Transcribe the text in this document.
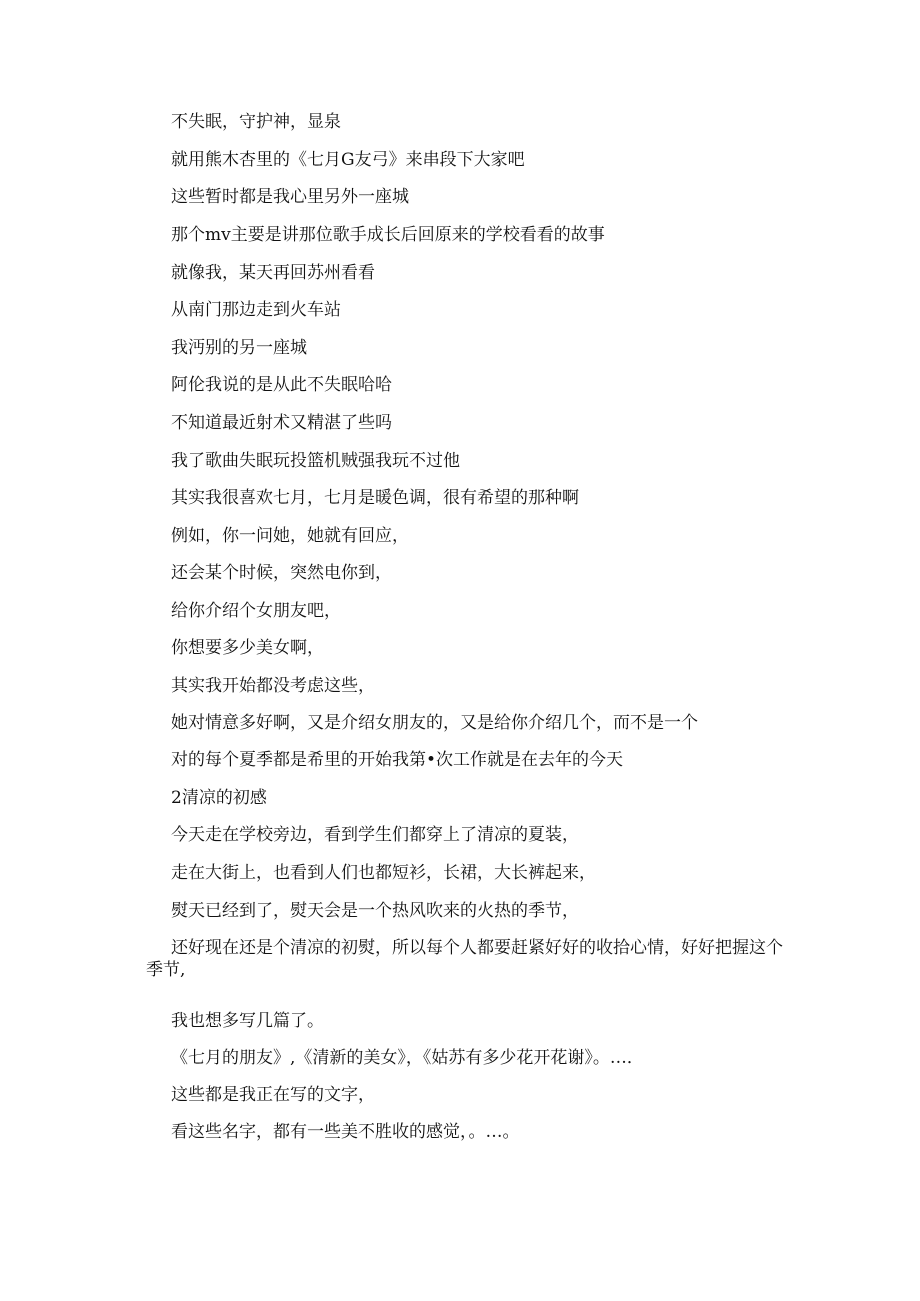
不失眠，守护神，显泉
就用熊木杏里的《七月G友弓》来串段下大家吧
这些暂时都是我心里另外一座城
那个mv主要是讲那位歌手成长后回原来的学校看看的故事
就像我，某天再回苏州看看
从南门那边走到火车站
我沔别的另一座城
阿伦我说的是从此不失眠哈哈
不知道最近射术又精湛了些吗
我了歌曲失眠玩投篮机贼强我玩不过他
其实我很喜欢七月，七月是暖色调，很有希望的那种啊
例如，你一问她，她就有回应，
还会某个时候，突然电你到，
给你介绍个女朋友吧，
你想要多少美女啊，
其实我开始都没考虑这些，
她对情意多好啊，又是介绍女朋友的，又是给你介绍几个，而不是一个
对的每个夏季都是希里的开始我第•次工作就是在去年的今天
2清凉的初感
今天走在学校旁边，看到学生们都穿上了清凉的夏装，
走在大街上，也看到人们也都短衫，长裙，大长裤起来，
熨天已经到了，熨天会是一个热风吹来的火热的季节，
还好现在还是个清凉的初熨，所以每个人都要赶紧好好的收拾心情，好好把握这个季节,
我也想多写几篇了。
《七月的朋友》,《清新的美女》，《姑苏有多少花开花谢》。…．
这些都是我正在写的文字，
看这些名字，都有一些美不胜收的感觉，。…。
